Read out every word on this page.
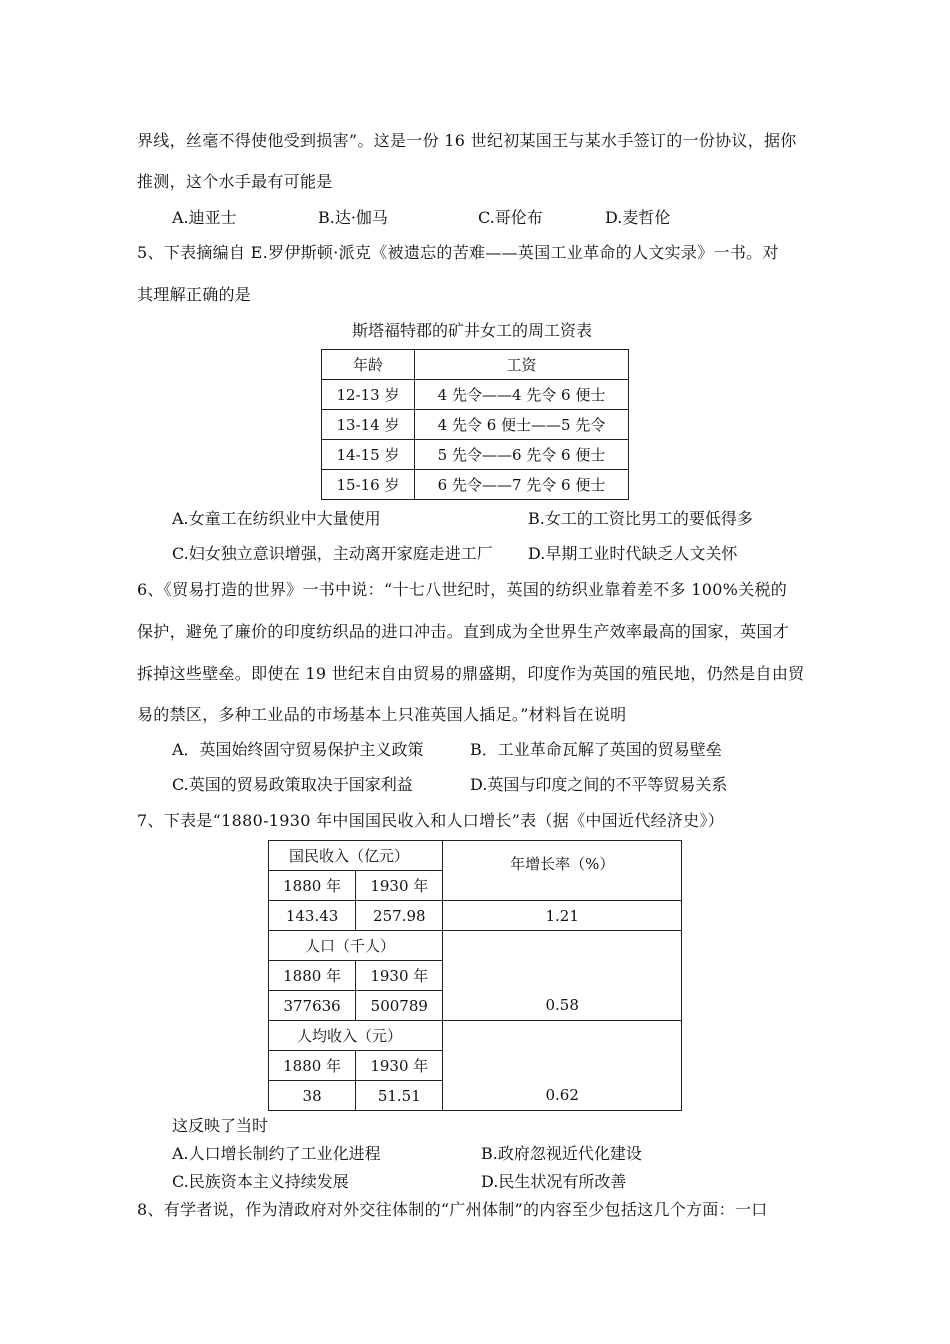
界线，丝毫不得使他受到损害”。这是一份 16 世纪初某国王与某水手签订的一份协议，据你
推测，这个水手最有可能是
A.迪亚士	B.达·伽马	C.哥伦布	D.麦哲伦
5、下表摘编自 E.罗伊斯顿·派克《被遗忘的苦难——英国工业革命的人文实录》一书。对
其理解正确的是
斯塔福特郡的矿井女工的周工资表
年龄	工资
12-13 岁	4 先令——4 先令 6 便士
13-14 岁	4 先令 6 便士——5 先令
14-15 岁	5 先令——6 先令 6 便士
15-16 岁	6 先令——7 先令 6 便士
A.女童工在纺织业中大量使用	B.女工的工资比男工的要低得多
C.妇女独立意识增强，主动离开家庭走进工厂 D.早期工业时代缺乏人文关怀
6、《贸易打造的世界》一书中说：“十七八世纪时，英国的纺织业靠着差不多 100%关税的
保护，避免了廉价的印度纺织品的进口冲击。直到成为全世界生产效率最高的国家，英国才
拆掉这些壁垒。即使在 19 世纪末自由贸易的鼎盛期，印度作为英国的殖民地，仍然是自由贸
易的禁区，多种工业品的市场基本上只准英国人插足。”材料旨在说明
A．英国始终固守贸易保护主义政策	B．工业革命瓦解了英国的贸易壁垒
C.英国的贸易政策取决于国家利益	D.英国与印度之间的不平等贸易关系
7、下表是“1880-1930 年中国国民收入和人口增长”表（据《中国近代经济史》）
国民收入（亿元）		年增长率（%）
1880 年	1930 年	
143.43	257.98	1.21
人口（千人）		
1880 年	1930 年	
377636	500789	0.58
人均收入（元）		
1880 年	1930 年	
38	51.51	0.62
这反映了当时
A.人口增长制约了工业化进程	B.政府忽视近代化建设
C.民族资本主义持续发展	D.民生状况有所改善
8、有学者说，作为清政府对外交往体制的“广州体制”的内容至少包括这几个方面：一口
